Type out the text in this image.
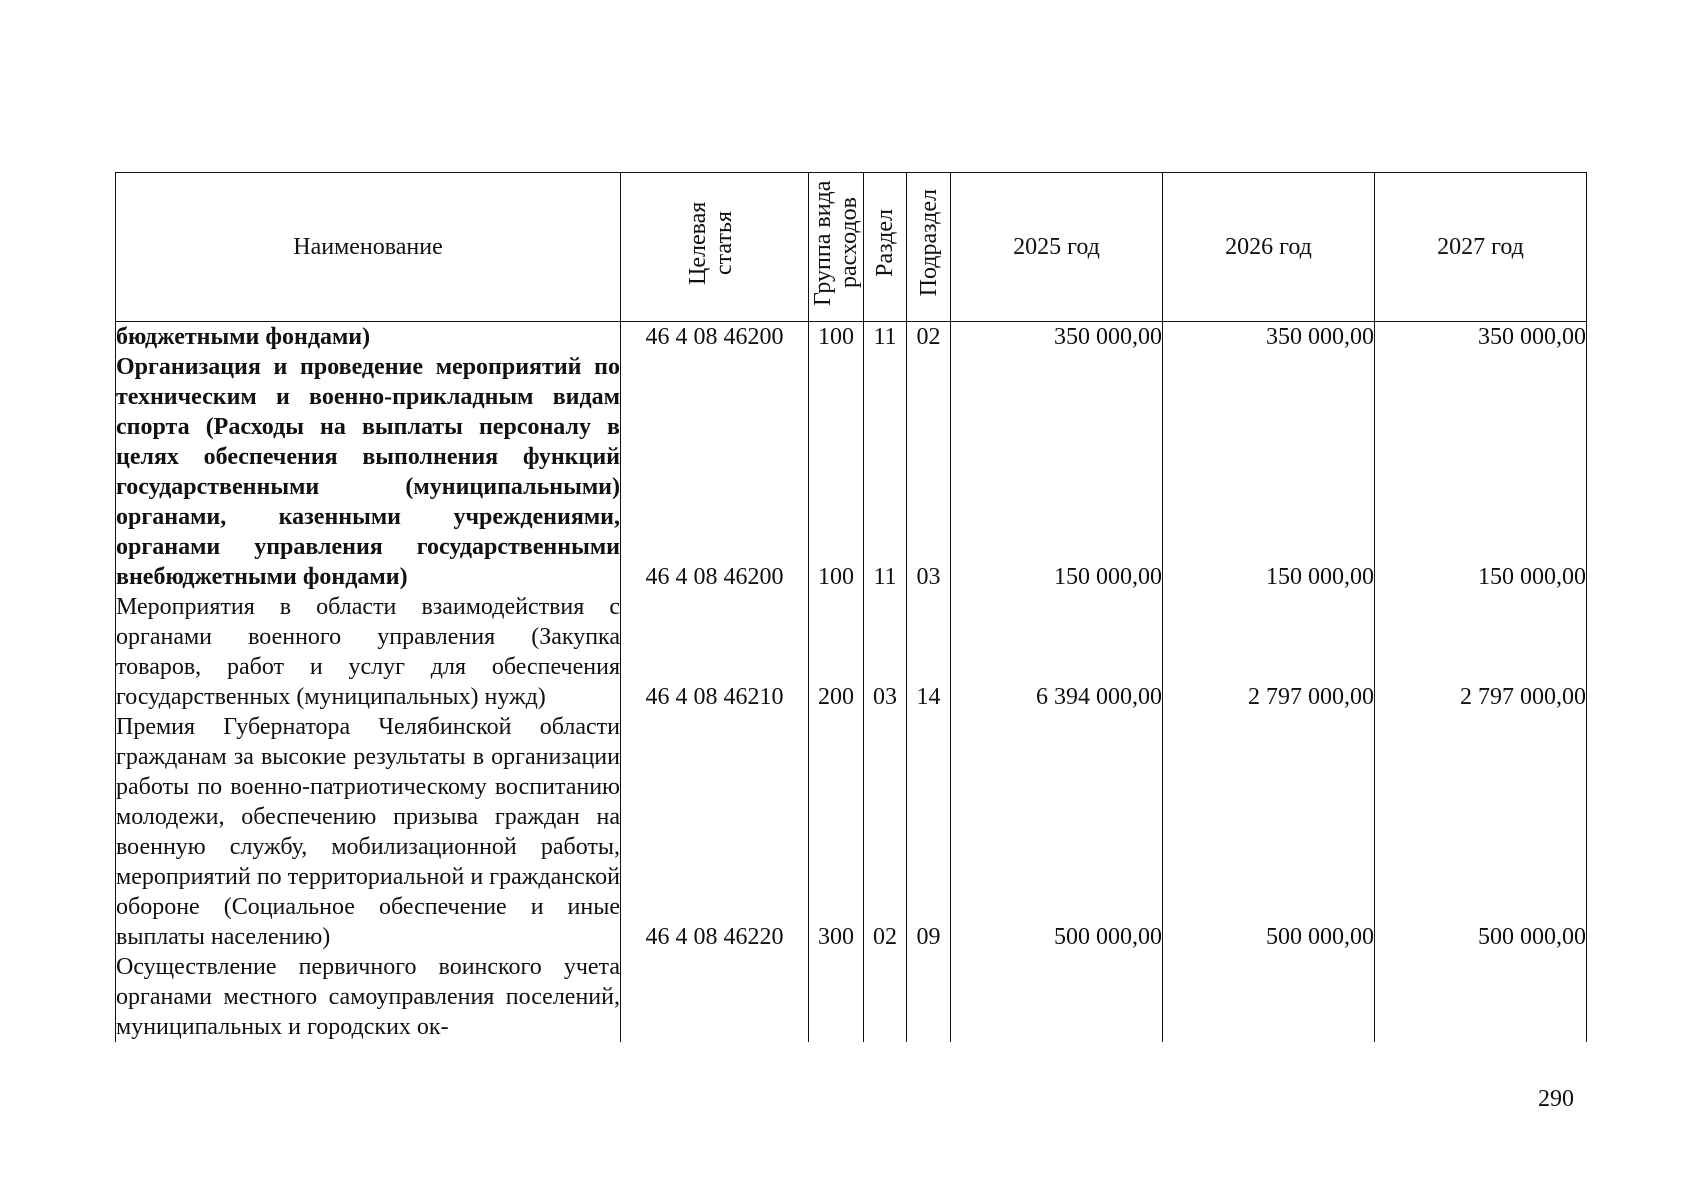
Наименование	Целевая статья	Группа вида расходов	Раздел	Подраздел	2025 год	2026 год	2027 год
бюджетными фондами)	46 4 08 46200	100	11	02	350 000,00	350 000,00	350 000,00
Организация и проведение мероприятий по техническим и военно-прикладным видам спорта (Расходы на выплаты персоналу в целях обеспечения выполнения функций государственными (муниципальными) органами, казенными учреждениями, органами управления государственными внебюджетными фондами)	46 4 08 46200	100	11	03	150 000,00	150 000,00	150 000,00
Мероприятия в области взаимодействия с органами военного управления (Закупка товаров, работ и услуг для обеспечения государственных (муниципальных) нужд)	46 4 08 46210	200	03	14	6 394 000,00	2 797 000,00	2 797 000,00
Премия Губернатора Челябинской области гражданам за высокие результаты в организации работы по военно-патриотическому воспитанию молодежи, обеспечению призыва граждан на военную службу, мобилизационной работы, мероприятий по территориальной и гражданской обороне (Социальное обеспечение и иные выплаты населению)	46 4 08 46220	300	02	09	500 000,00	500 000,00	500 000,00
Осуществление первичного воинского учета органами местного самоуправления поселений, муниципальных и городских ок-							
290
